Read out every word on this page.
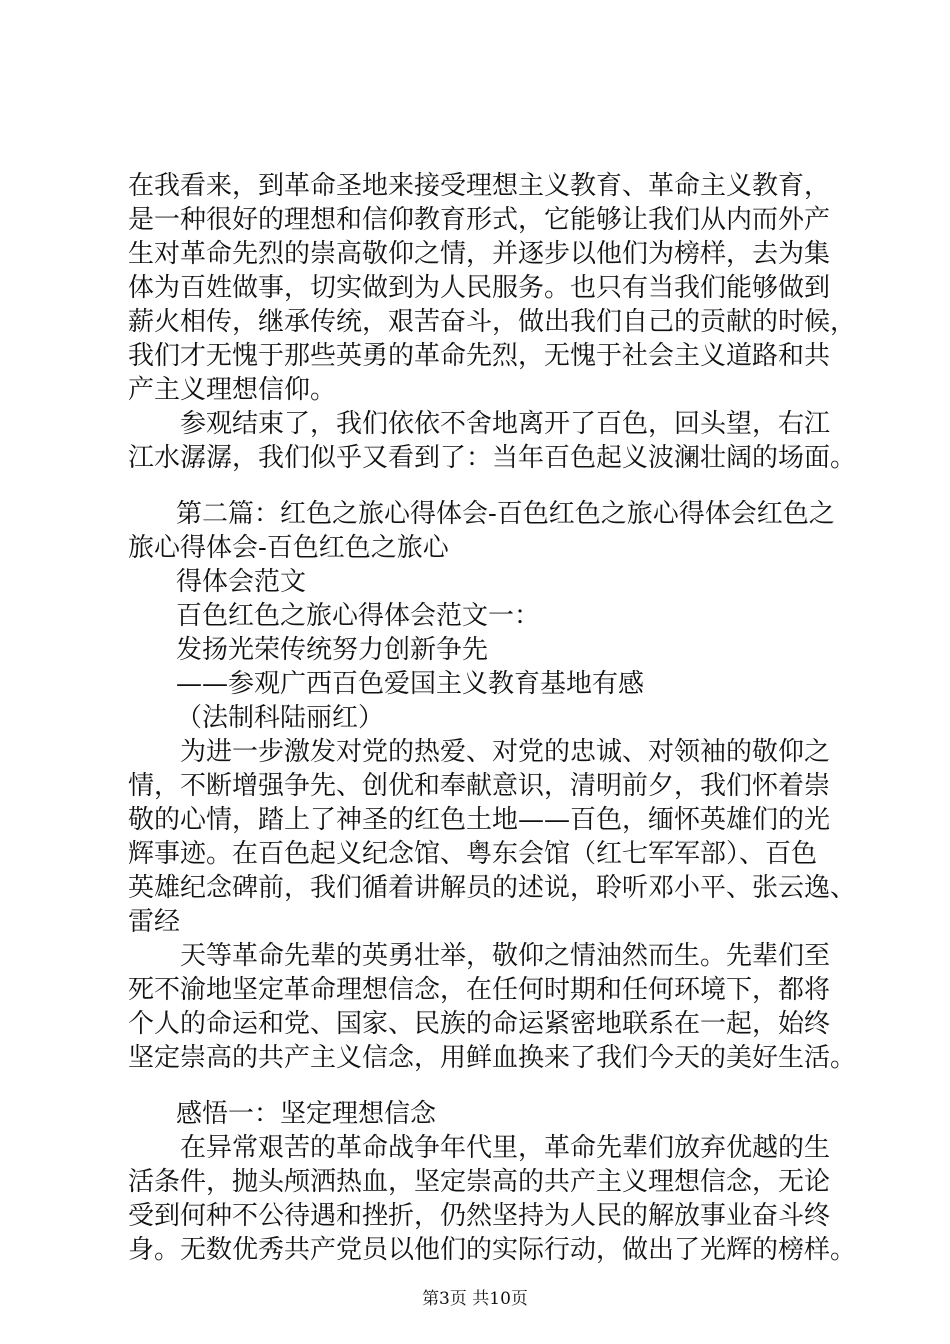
在我看来，到革命圣地来接受理想主义教育、革命主义教育，
是一种很好的理想和信仰教育形式，它能够让我们从内而外产
生对革命先烈的崇高敬仰之情，并逐步以他们为榜样，去为集
体为百姓做事，切实做到为人民服务。也只有当我们能够做到
薪火相传，继承传统，艰苦奋斗，做出我们自己的贡献的时候，
我们才无愧于那些英勇的革命先烈，无愧于社会主义道路和共
产主义理想信仰。
参观结束了，我们依依不舍地离开了百色，回头望，右江
江水潺潺，我们似乎又看到了：当年百色起义波澜壮阔的场面。
第二篇：红色之旅心得体会-百色红色之旅心得体会红色之
旅心得体会-百色红色之旅心
得体会范文
百色红色之旅心得体会范文一：
发扬光荣传统努力创新争先
——参观广西百色爱国主义教育基地有感
（法制科陆丽红）
为进一步激发对党的热爱、对党的忠诚、对领袖的敬仰之
情，不断增强争先、创优和奉献意识，清明前夕，我们怀着崇
敬的心情，踏上了神圣的红色土地——百色，缅怀英雄们的光
辉事迹。在百色起义纪念馆、粤东会馆（红七军军部）、百色
英雄纪念碑前，我们循着讲解员的述说，聆听邓小平、张云逸、
雷经
天等革命先辈的英勇壮举，敬仰之情油然而生。先辈们至
死不渝地坚定革命理想信念，在任何时期和任何环境下，都将
个人的命运和党、国家、民族的命运紧密地联系在一起，始终
坚定崇高的共产主义信念，用鲜血换来了我们今天的美好生活。
感悟一：坚定理想信念
在异常艰苦的革命战争年代里，革命先辈们放弃优越的生
活条件，抛头颅洒热血，坚定崇高的共产主义理想信念，无论
受到何种不公待遇和挫折，仍然坚持为人民的解放事业奋斗终
身。无数优秀共产党员以他们的实际行动，做出了光辉的榜样。
第3页 共10页
